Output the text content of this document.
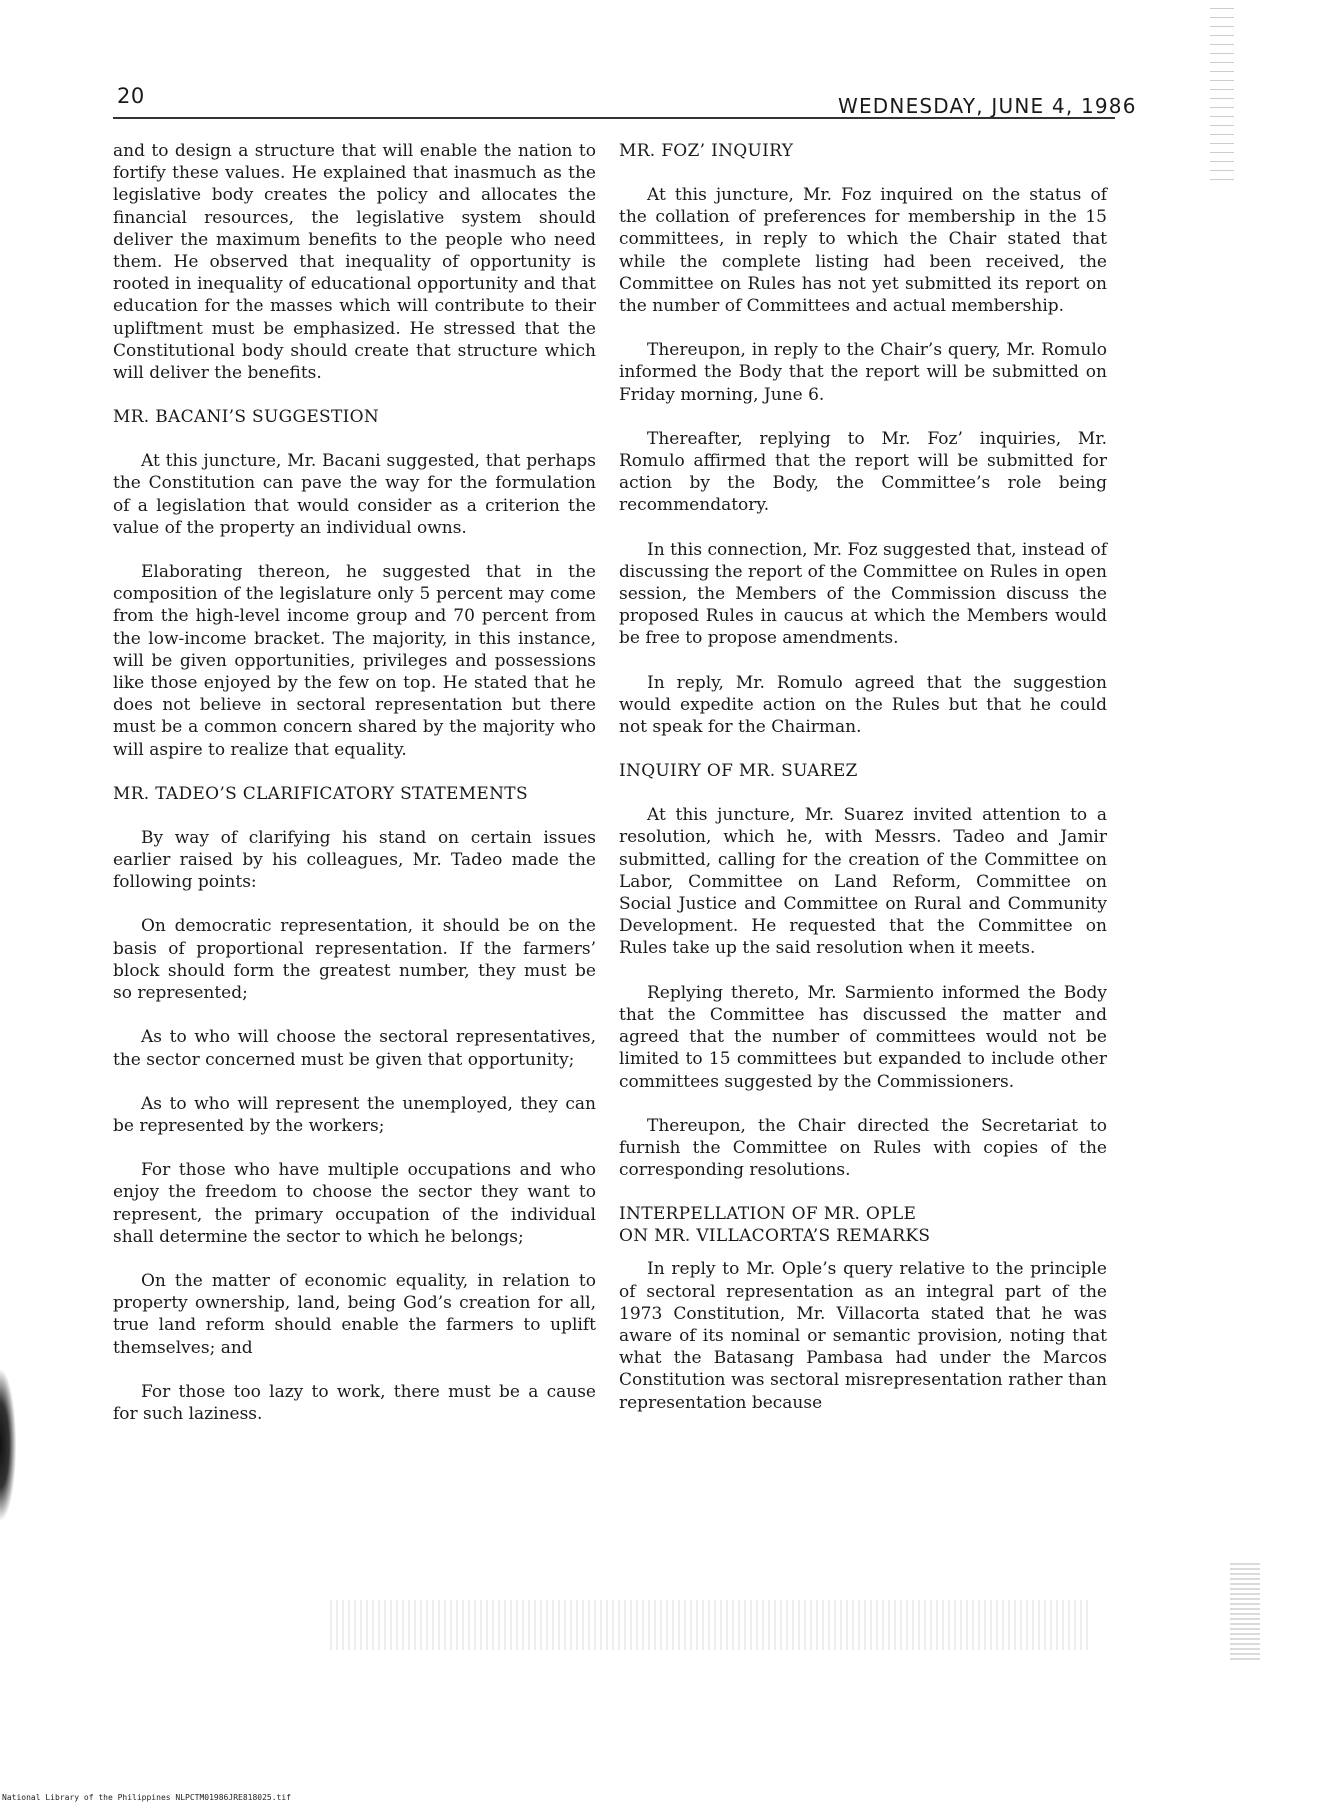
20	WEDNESDAY, JUNE 4, 1986

and to design a structure that will enable the nation to fortify these values. He explained that inasmuch as the legislative body creates the policy and allocates the financial resources, the legislative system should deliver the maximum benefits to the people who need them. He observed that inequality of opportunity is rooted in inequality of educational opportunity and that education for the masses which will contribute to their upliftment must be emphasized. He stressed that the Constitutional body should create that structure which will deliver the benefits.

MR. BACANI’S SUGGESTION

At this juncture, Mr. Bacani suggested, that perhaps the Constitution can pave the way for the formulation of a legislation that would consider as a criterion the value of the property an individual owns.

Elaborating thereon, he suggested that in the composition of the legislature only 5 percent may come from the high-level income group and 70 percent from the low-income bracket. The majority, in this instance, will be given opportunities, privileges and possessions like those enjoyed by the few on top. He stated that he does not believe in sectoral representation but there must be a common concern shared by the majority who will aspire to realize that equality.

MR. TADEO’S CLARIFICATORY STATEMENTS

By way of clarifying his stand on certain issues earlier raised by his colleagues, Mr. Tadeo made the following points:

On democratic representation, it should be on the basis of proportional representation. If the farmers’ block should form the greatest number, they must be so represented;

As to who will choose the sectoral representatives, the sector concerned must be given that opportunity;

As to who will represent the unemployed, they can be represented by the workers;

For those who have multiple occupations and who enjoy the freedom to choose the sector they want to represent, the primary occupation of the individual shall determine the sector to which he belongs;

On the matter of economic equality, in relation to property ownership, land, being God’s creation for all, true land reform should enable the farmers to uplift themselves; and

For those too lazy to work, there must be a cause for such laziness.

MR. FOZ’ INQUIRY

At this juncture, Mr. Foz inquired on the status of the collation of preferences for membership in the 15 committees, in reply to which the Chair stated that while the complete listing had been received, the Committee on Rules has not yet submitted its report on the number of Committees and actual membership.

Thereupon, in reply to the Chair’s query, Mr. Romulo informed the Body that the report will be submitted on Friday morning, June 6.

Thereafter, replying to Mr. Foz’ inquiries, Mr. Romulo affirmed that the report will be submitted for action by the Body, the Committee’s role being recommendatory.

In this connection, Mr. Foz suggested that, instead of discussing the report of the Committee on Rules in open session, the Members of the Commission discuss the proposed Rules in caucus at which the Members would be free to propose amendments.

In reply, Mr. Romulo agreed that the suggestion would expedite action on the Rules but that he could not speak for the Chairman.

INQUIRY OF MR. SUAREZ

At this juncture, Mr. Suarez invited attention to a resolution, which he, with Messrs. Tadeo and Jamir submitted, calling for the creation of the Committee on Labor, Committee on Land Reform, Committee on Social Justice and Committee on Rural and Community Development. He requested that the Committee on Rules take up the said resolution when it meets.

Replying thereto, Mr. Sarmiento informed the Body that the Committee has discussed the matter and agreed that the number of committees would not be limited to 15 committees but expanded to include other committees suggested by the Commissioners.

Thereupon, the Chair directed the Secretariat to furnish the Committee on Rules with copies of the corresponding resolutions.

INTERPELLATION OF MR. OPLE
ON MR. VILLACORTA’S REMARKS

In reply to Mr. Ople’s query relative to the principle of sectoral representation as an integral part of the 1973 Constitution, Mr. Villacorta stated that he was aware of its nominal or semantic provision, noting that what the Batasang Pambasa had under the Marcos Constitution was sectoral misrepresentation rather than representation because

National Library of the Philippines NLPCTM01986JRE818025.tif
